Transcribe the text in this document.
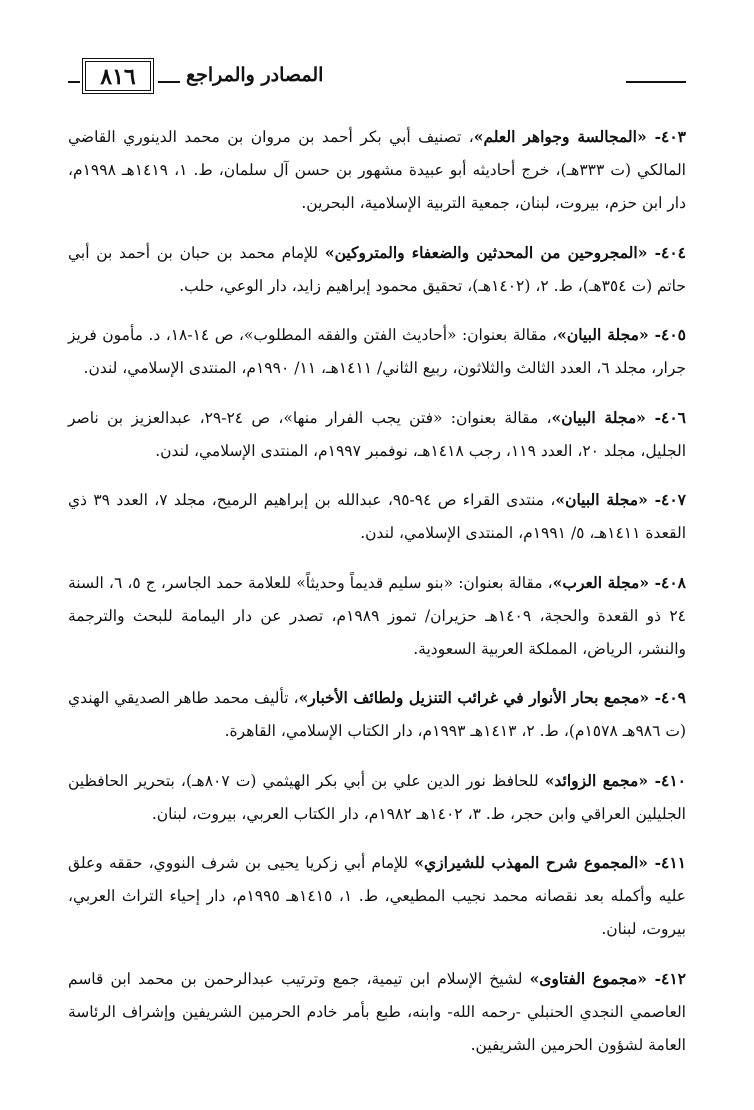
٨١٦	المصادر والمراجع

٤٠٣- «المجالسة وجواهر العلم»، تصنيف أبي بكر أحمد بن مروان بن محمد الدينوري القاضي المالكي (ت ٣٣٣هـ)، خرج أحاديثه أبو عبيدة مشهور بن حسن آل سلمان، ط. ١، ١٤١٩هـ ١٩٩٨م، دار ابن حزم، بيروت، لبنان، جمعية التربية الإسلامية، البحرين.

٤٠٤- «المجروحين من المحدثين والضعفاء والمتروكين» للإمام محمد بن حبان بن أحمد بن أبي حاتم (ت ٣٥٤هـ)، ط. ٢، (١٤٠٢هـ)، تحقيق محمود إبراهيم زايد، دار الوعي، حلب.

٤٠٥- «مجلة البيان»، مقالة بعنوان: «أحاديث الفتن والفقه المطلوب»، ص ١٤-١٨، د. مأمون فريز جرار، مجلد ٦، العدد الثالث والثلاثون، ربيع الثاني/ ١٤١١هـ، ١١/ ١٩٩٠م، المنتدى الإسلامي، لندن.

٤٠٦- «مجلة البيان»، مقالة بعنوان: «فتن يجب الفرار منها»، ص ٢٤-٢٩، عبدالعزيز بن ناصر الجليل، مجلد ٢٠، العدد ١١٩، رجب ١٤١٨هـ، نوفمبر ١٩٩٧م، المنتدى الإسلامي، لندن.

٤٠٧- «مجلة البيان»، منتدى القراء ص ٩٤-٩٥، عبدالله بن إبراهيم الرميح، مجلد ٧، العدد ٣٩ ذي القعدة ١٤١١هـ، ٥/ ١٩٩١م، المنتدى الإسلامي، لندن.

٤٠٨- «مجلة العرب»، مقالة بعنوان: «بنو سليم قديماً وحديثاً» للعلامة حمد الجاسر، ج ٥، ٦، السنة ٢٤ ذو القعدة والحجة، ١٤٠٩هـ حزيران/ تموز ١٩٨٩م، تصدر عن دار اليمامة للبحث والترجمة والنشر، الرياض، المملكة العربية السعودية.

٤٠٩- «مجمع بحار الأنوار في غرائب التنزيل ولطائف الأخبار»، تأليف محمد طاهر الصديقي الهندي (ت ٩٨٦هـ ١٥٧٨م)، ط. ٢، ١٤١٣هـ ١٩٩٣م، دار الكتاب الإسلامي، القاهرة.

٤١٠- «مجمع الزوائد» للحافظ نور الدين علي بن أبي بكر الهيثمي (ت ٨٠٧هـ)، بتحرير الحافظين الجليلين العراقي وابن حجر، ط. ٣، ١٤٠٢هـ ١٩٨٢م، دار الكتاب العربي، بيروت، لبنان.

٤١١- «المجموع شرح المهذب للشيرازي» للإمام أبي زكريا يحيى بن شرف النووي، حققه وعلق عليه وأكمله بعد نقصانه محمد نجيب المطيعي، ط. ١، ١٤١٥هـ ١٩٩٥م، دار إحياء التراث العربي، بيروت، لبنان.

٤١٢- «مجموع الفتاوى» لشيخ الإسلام ابن تيمية، جمع وترتيب عبدالرحمن بن محمد ابن قاسم العاصمي النجدي الحنبلي -رحمه الله- وابنه، طبع بأمر خادم الحرمين الشريفين وإشراف الرئاسة العامة لشؤون الحرمين الشريفين.
